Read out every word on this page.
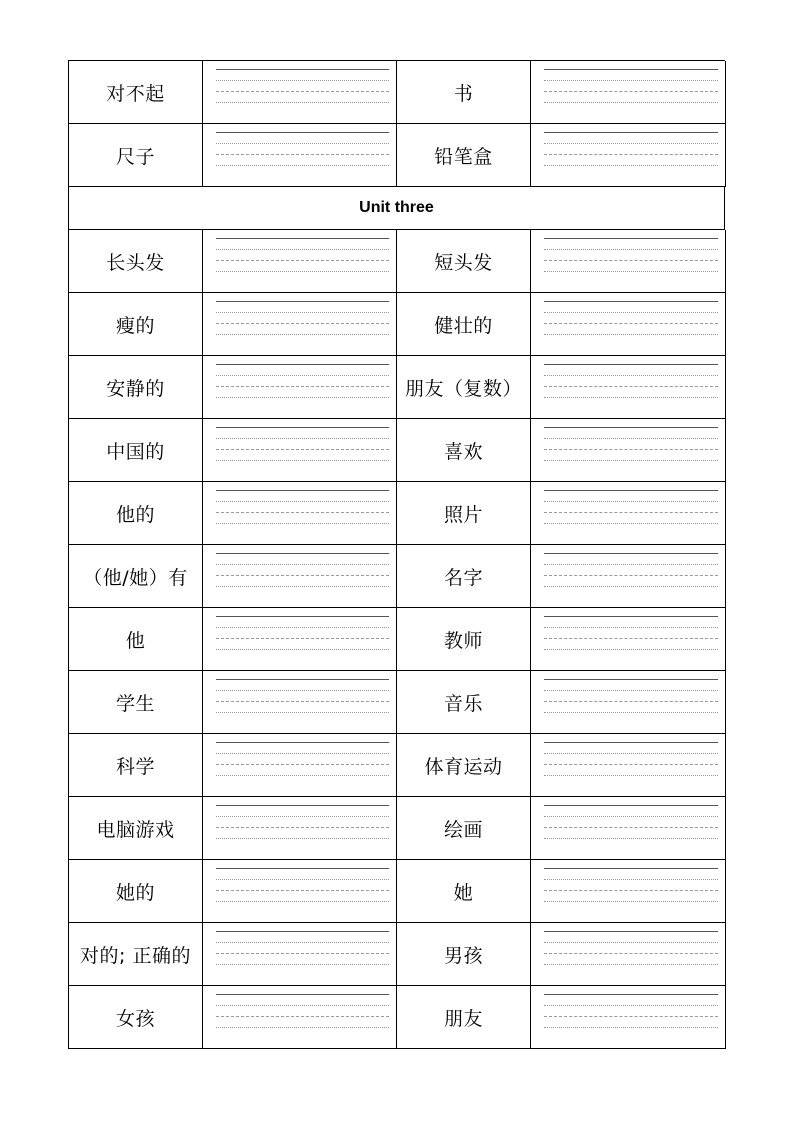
对不起	书
尺子	铅笔盒
Unit three
长头发	短头发
瘦的	健壮的
安静的	朋友（复数）
中国的	喜欢
他的	照片
（他/她）有	名字
他	教师
学生	音乐
科学	体育运动
电脑游戏	绘画
她的	她
对的; 正确的	男孩
女孩	朋友
